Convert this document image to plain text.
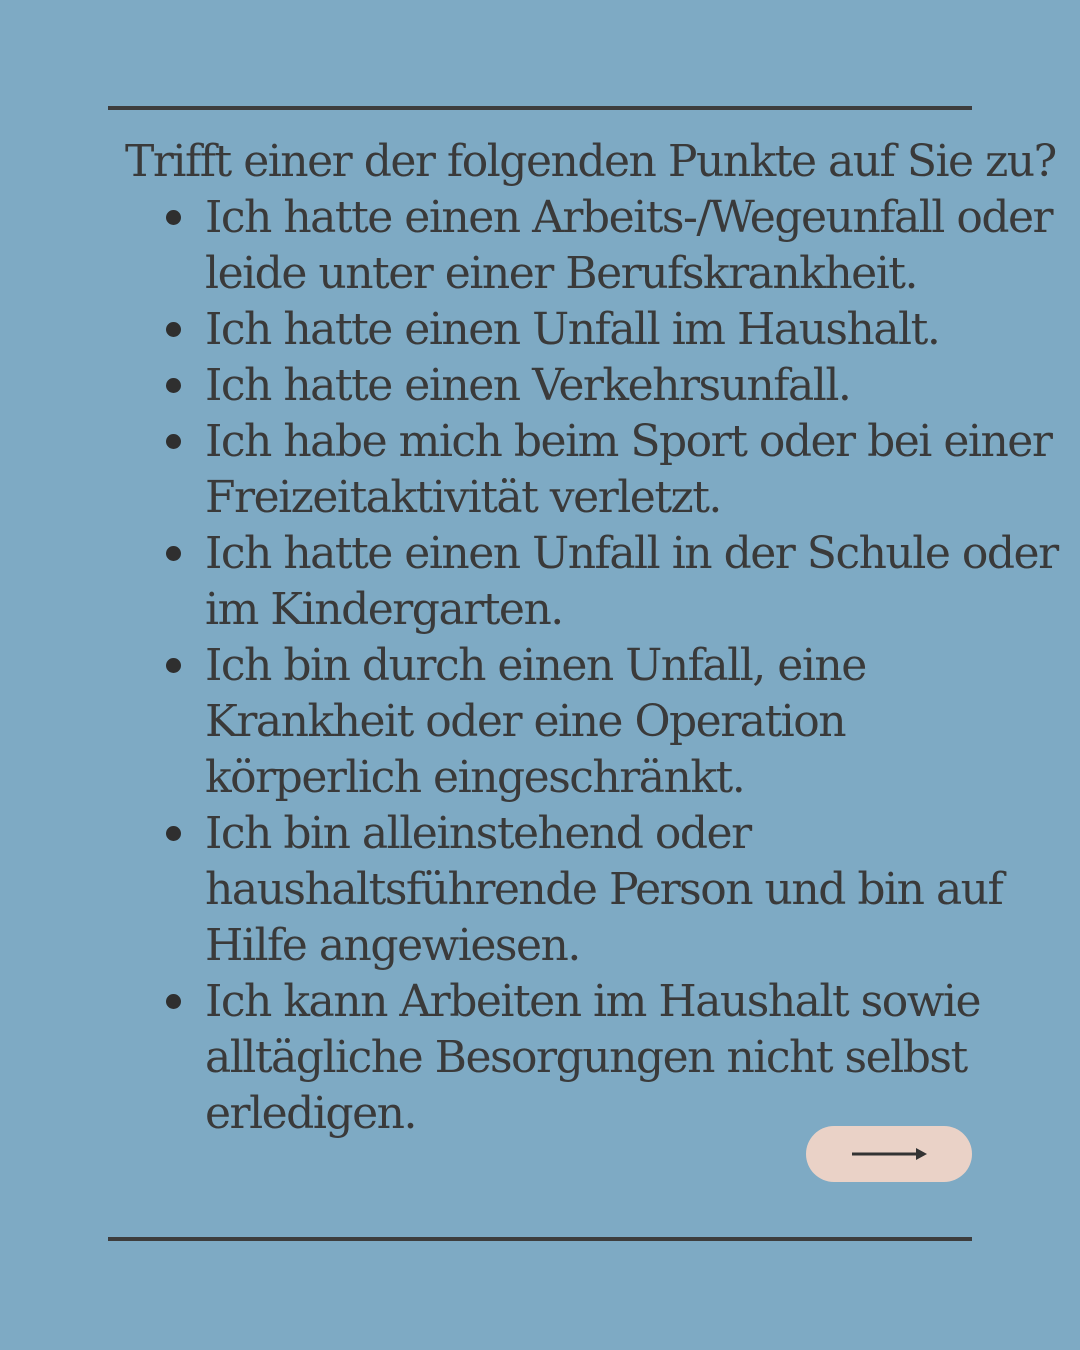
Trifft einer der folgenden Punkte auf Sie zu?
Ich hatte einen Arbeits-/Wegeunfall oder
leide unter einer Berufskrankheit.
Ich hatte einen Unfall im Haushalt.
Ich hatte einen Verkehrsunfall.
Ich habe mich beim Sport oder bei einer
Freizeitaktivität verletzt.
Ich hatte einen Unfall in der Schule oder
im Kindergarten.
Ich bin durch einen Unfall, eine
Krankheit oder eine Operation
körperlich eingeschränkt.
Ich bin alleinstehend oder
haushaltsführende Person und bin auf
Hilfe angewiesen.
Ich kann Arbeiten im Haushalt sowie
alltägliche Besorgungen nicht selbst
erledigen.
